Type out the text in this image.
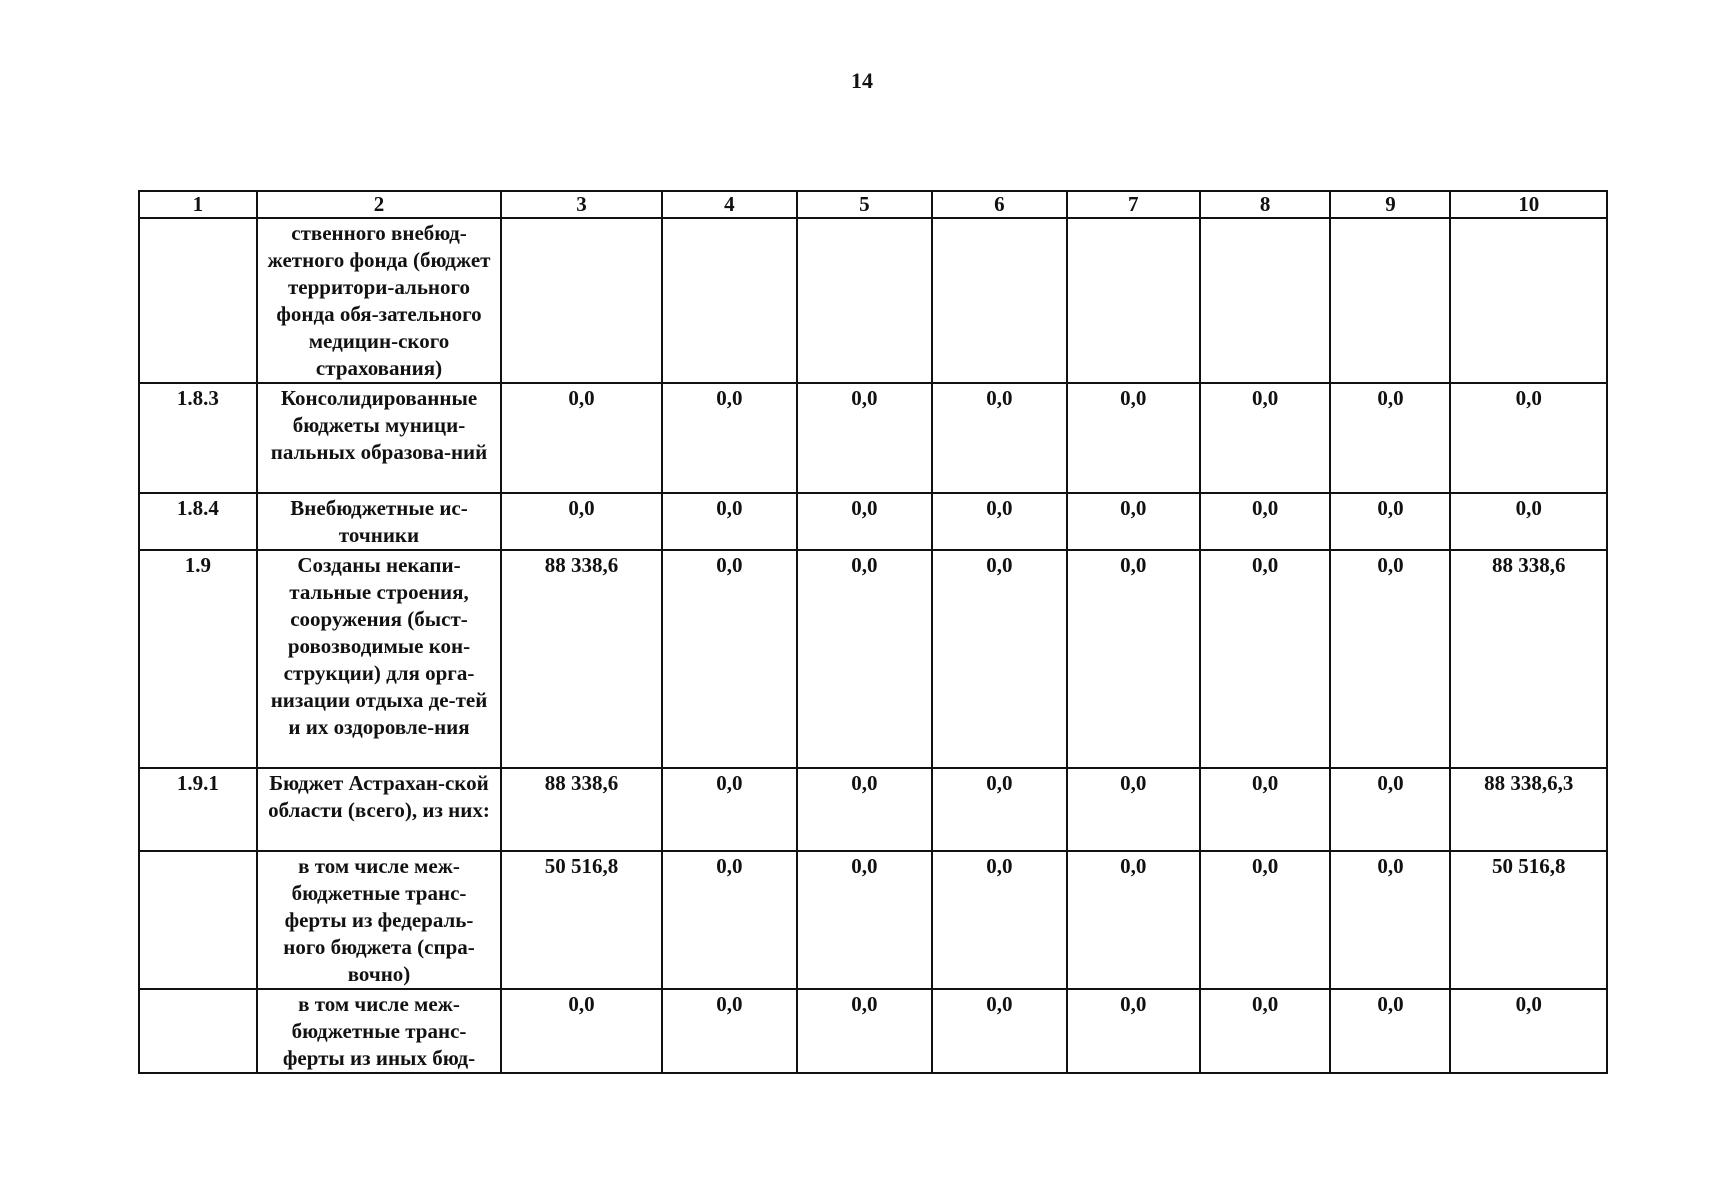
14
1	2	3	4	5	6	7	8	9	10
	ственного внебюд-жетного фонда (бюджет территори-ального фонда обя-зательного медицин-ского страхования)								
1.8.3	Консолидированные бюджеты муници-пальных образова-ний	0,0	0,0	0,0	0,0	0,0	0,0	0,0	0,0
1.8.4	Внебюджетные ис-точники	0,0	0,0	0,0	0,0	0,0	0,0	0,0	0,0
1.9	Созданы некапи-тальные строения, сооружения (быст-ровозводимые кон-струкции) для орга-низации отдыха де-тей и их оздоровле-ния	88 338,6	0,0	0,0	0,0	0,0	0,0	0,0	88 338,6
1.9.1	Бюджет Астрахан-ской области (всего), из них:	88 338,6	0,0	0,0	0,0	0,0	0,0	0,0	88 338,6,3
	в том числе меж-бюджетные транс-ферты из федераль-ного бюджета (спра-вочно)	50 516,8	0,0	0,0	0,0	0,0	0,0	0,0	50 516,8
	в том числе меж-бюджетные транс-ферты из иных бюд-	0,0	0,0	0,0	0,0	0,0	0,0	0,0	0,0
